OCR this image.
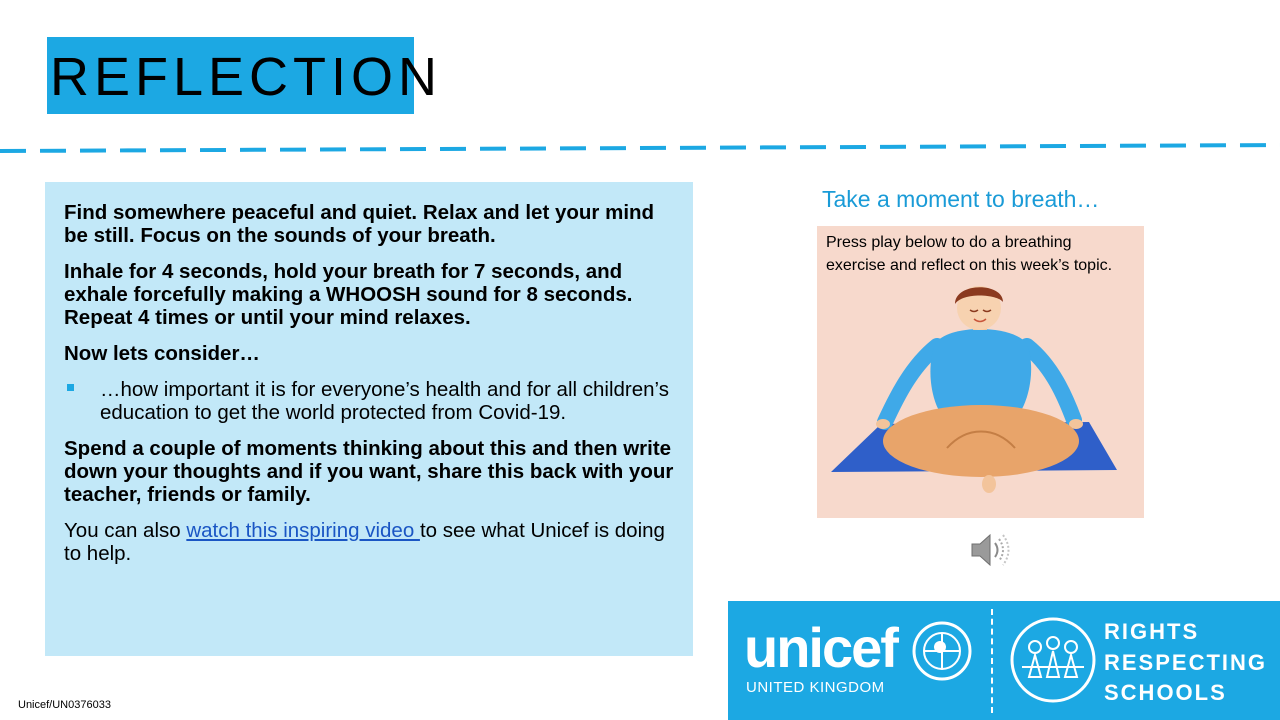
REFLECTION

Find somewhere peaceful and quiet. Relax and let your mind be still. Focus on the sounds of your breath.

Inhale for 4 seconds, hold your breath for 7 seconds, and exhale forcefully making a WHOOSH sound for 8 seconds. Repeat 4 times or until your mind relaxes.

Now lets consider…

…how important it is for everyone’s health and for all children’s education to get the world protected from Covid-19.

Spend a couple of moments thinking about this and then write down your thoughts and if you want, share this back with your teacher, friends or family.

You can also watch this inspiring video to see what Unicef is doing to help.

Take a moment to breath…
Press play below to do a breathing exercise and reflect on this week’s topic.
unicef
UNITED KINGDOM
RIGHTS
RESPECTING
SCHOOLS
Unicef/UN0376033
